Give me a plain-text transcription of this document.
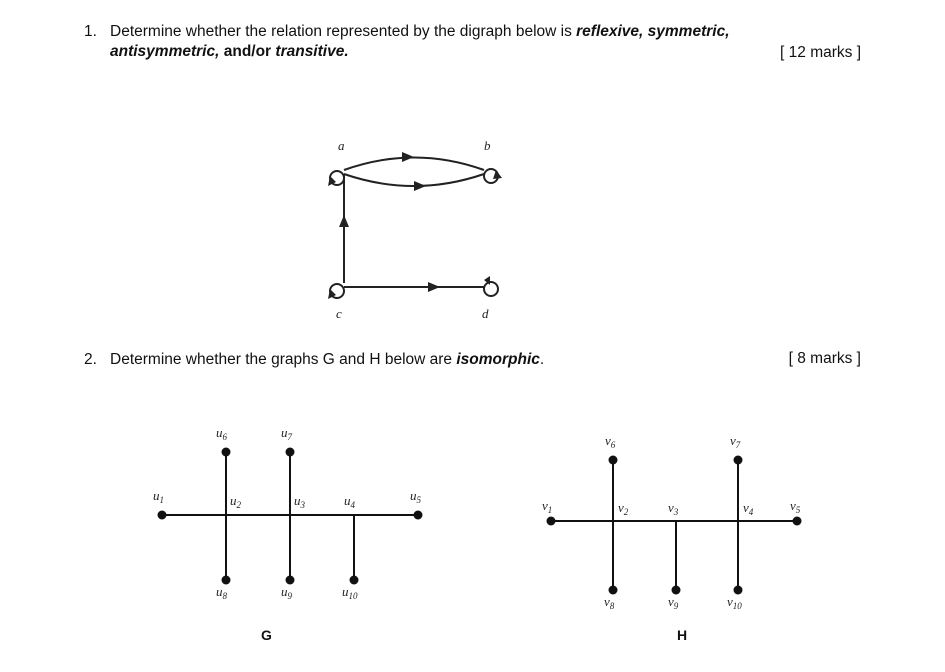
1. Determine whether the relation represented by the digraph below is reflexive, symmetric,
antisymmetric, and/or transitive.	[ 12 marks ]
2. Determine whether the graphs G and H below are isomorphic.	[ 8 marks ]
a	b
c	d
$u_1$	$u_2$	$u_3$	$u_4$
$u_5$
$u_6$	$u_7$
$u_8$	$u_9$	$u_{10}$
G
$v_1$	$v_2$	$v_3$	$v_4$	$v_5$
$v_6$	$v_7$
$v_8$	$v_9$	$v_{10}$
H
